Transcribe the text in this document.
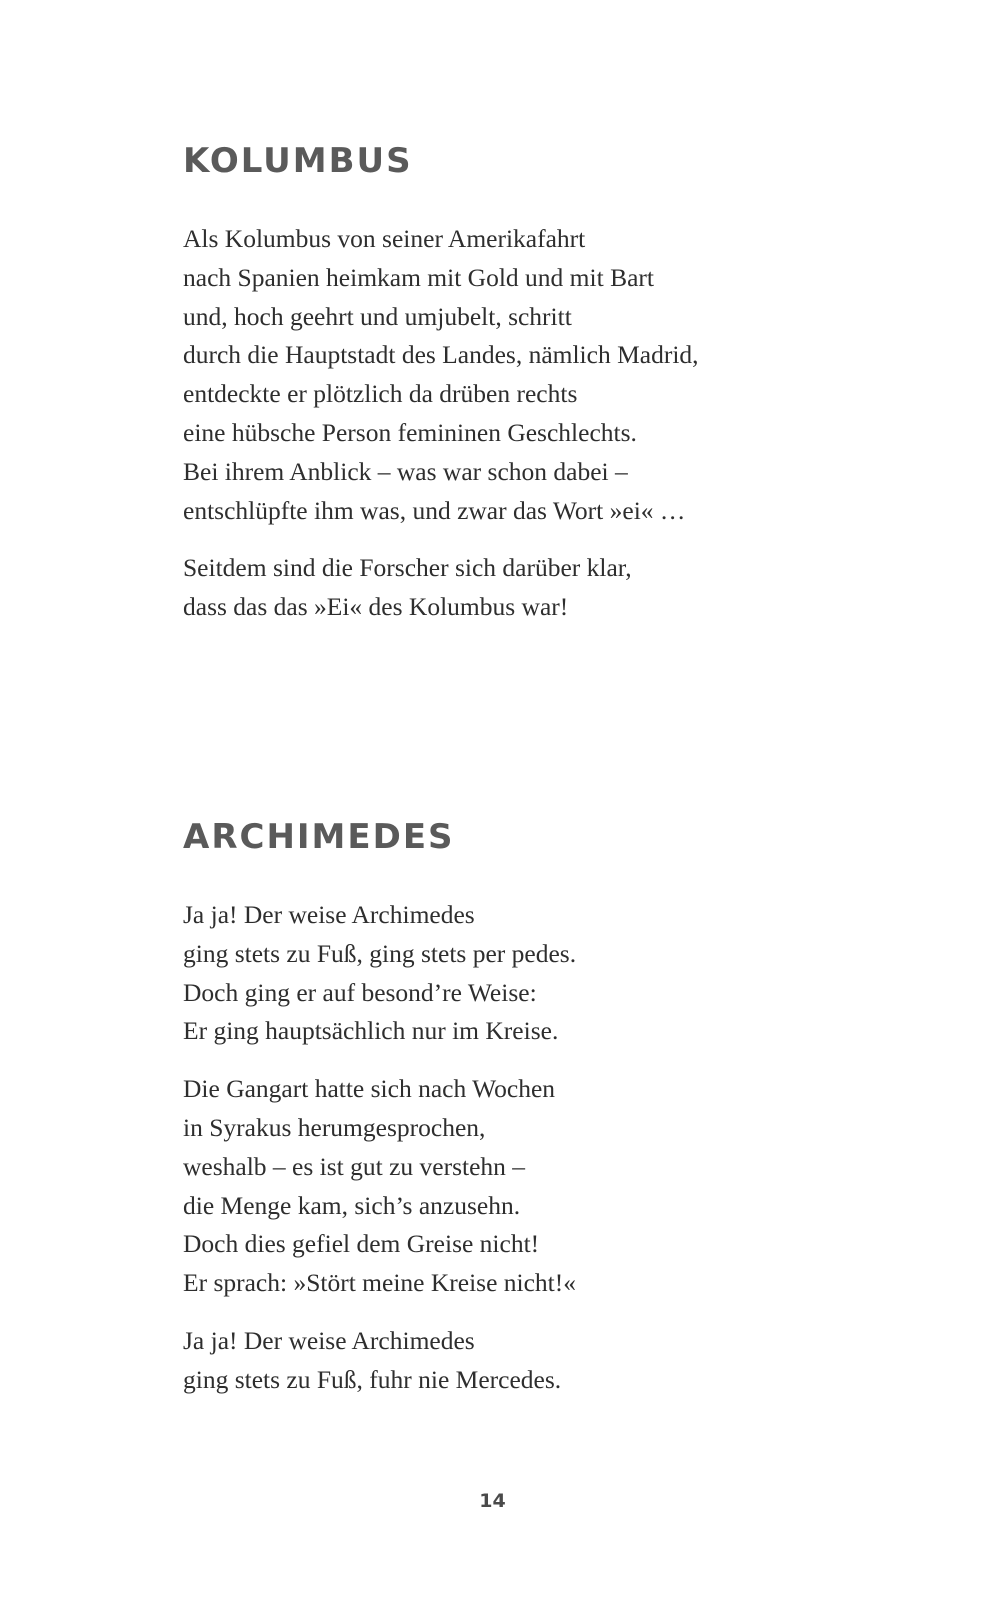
KOLUMBUS
Als Kolumbus von seiner Amerikafahrt
nach Spanien heimkam mit Gold und mit Bart
und, hoch geehrt und umjubelt, schritt
durch die Hauptstadt des Landes, nämlich Madrid,
entdeckte er plötzlich da drüben rechts
eine hübsche Person femininen Geschlechts.
Bei ihrem Anblick – was war schon dabei –
entschlüpfte ihm was, und zwar das Wort »ei« …
Seitdem sind die Forscher sich darüber klar,
dass das das »Ei« des Kolumbus war!
ARCHIMEDES
Ja ja! Der weise Archimedes
ging stets zu Fuß, ging stets per pedes.
Doch ging er auf besond’re Weise:
Er ging hauptsächlich nur im Kreise.
Die Gangart hatte sich nach Wochen
in Syrakus herumgesprochen,
weshalb – es ist gut zu verstehn –
die Menge kam, sich’s anzusehn.
Doch dies gefiel dem Greise nicht!
Er sprach: »Stört meine Kreise nicht!«
Ja ja! Der weise Archimedes
ging stets zu Fuß, fuhr nie Mercedes.
14
